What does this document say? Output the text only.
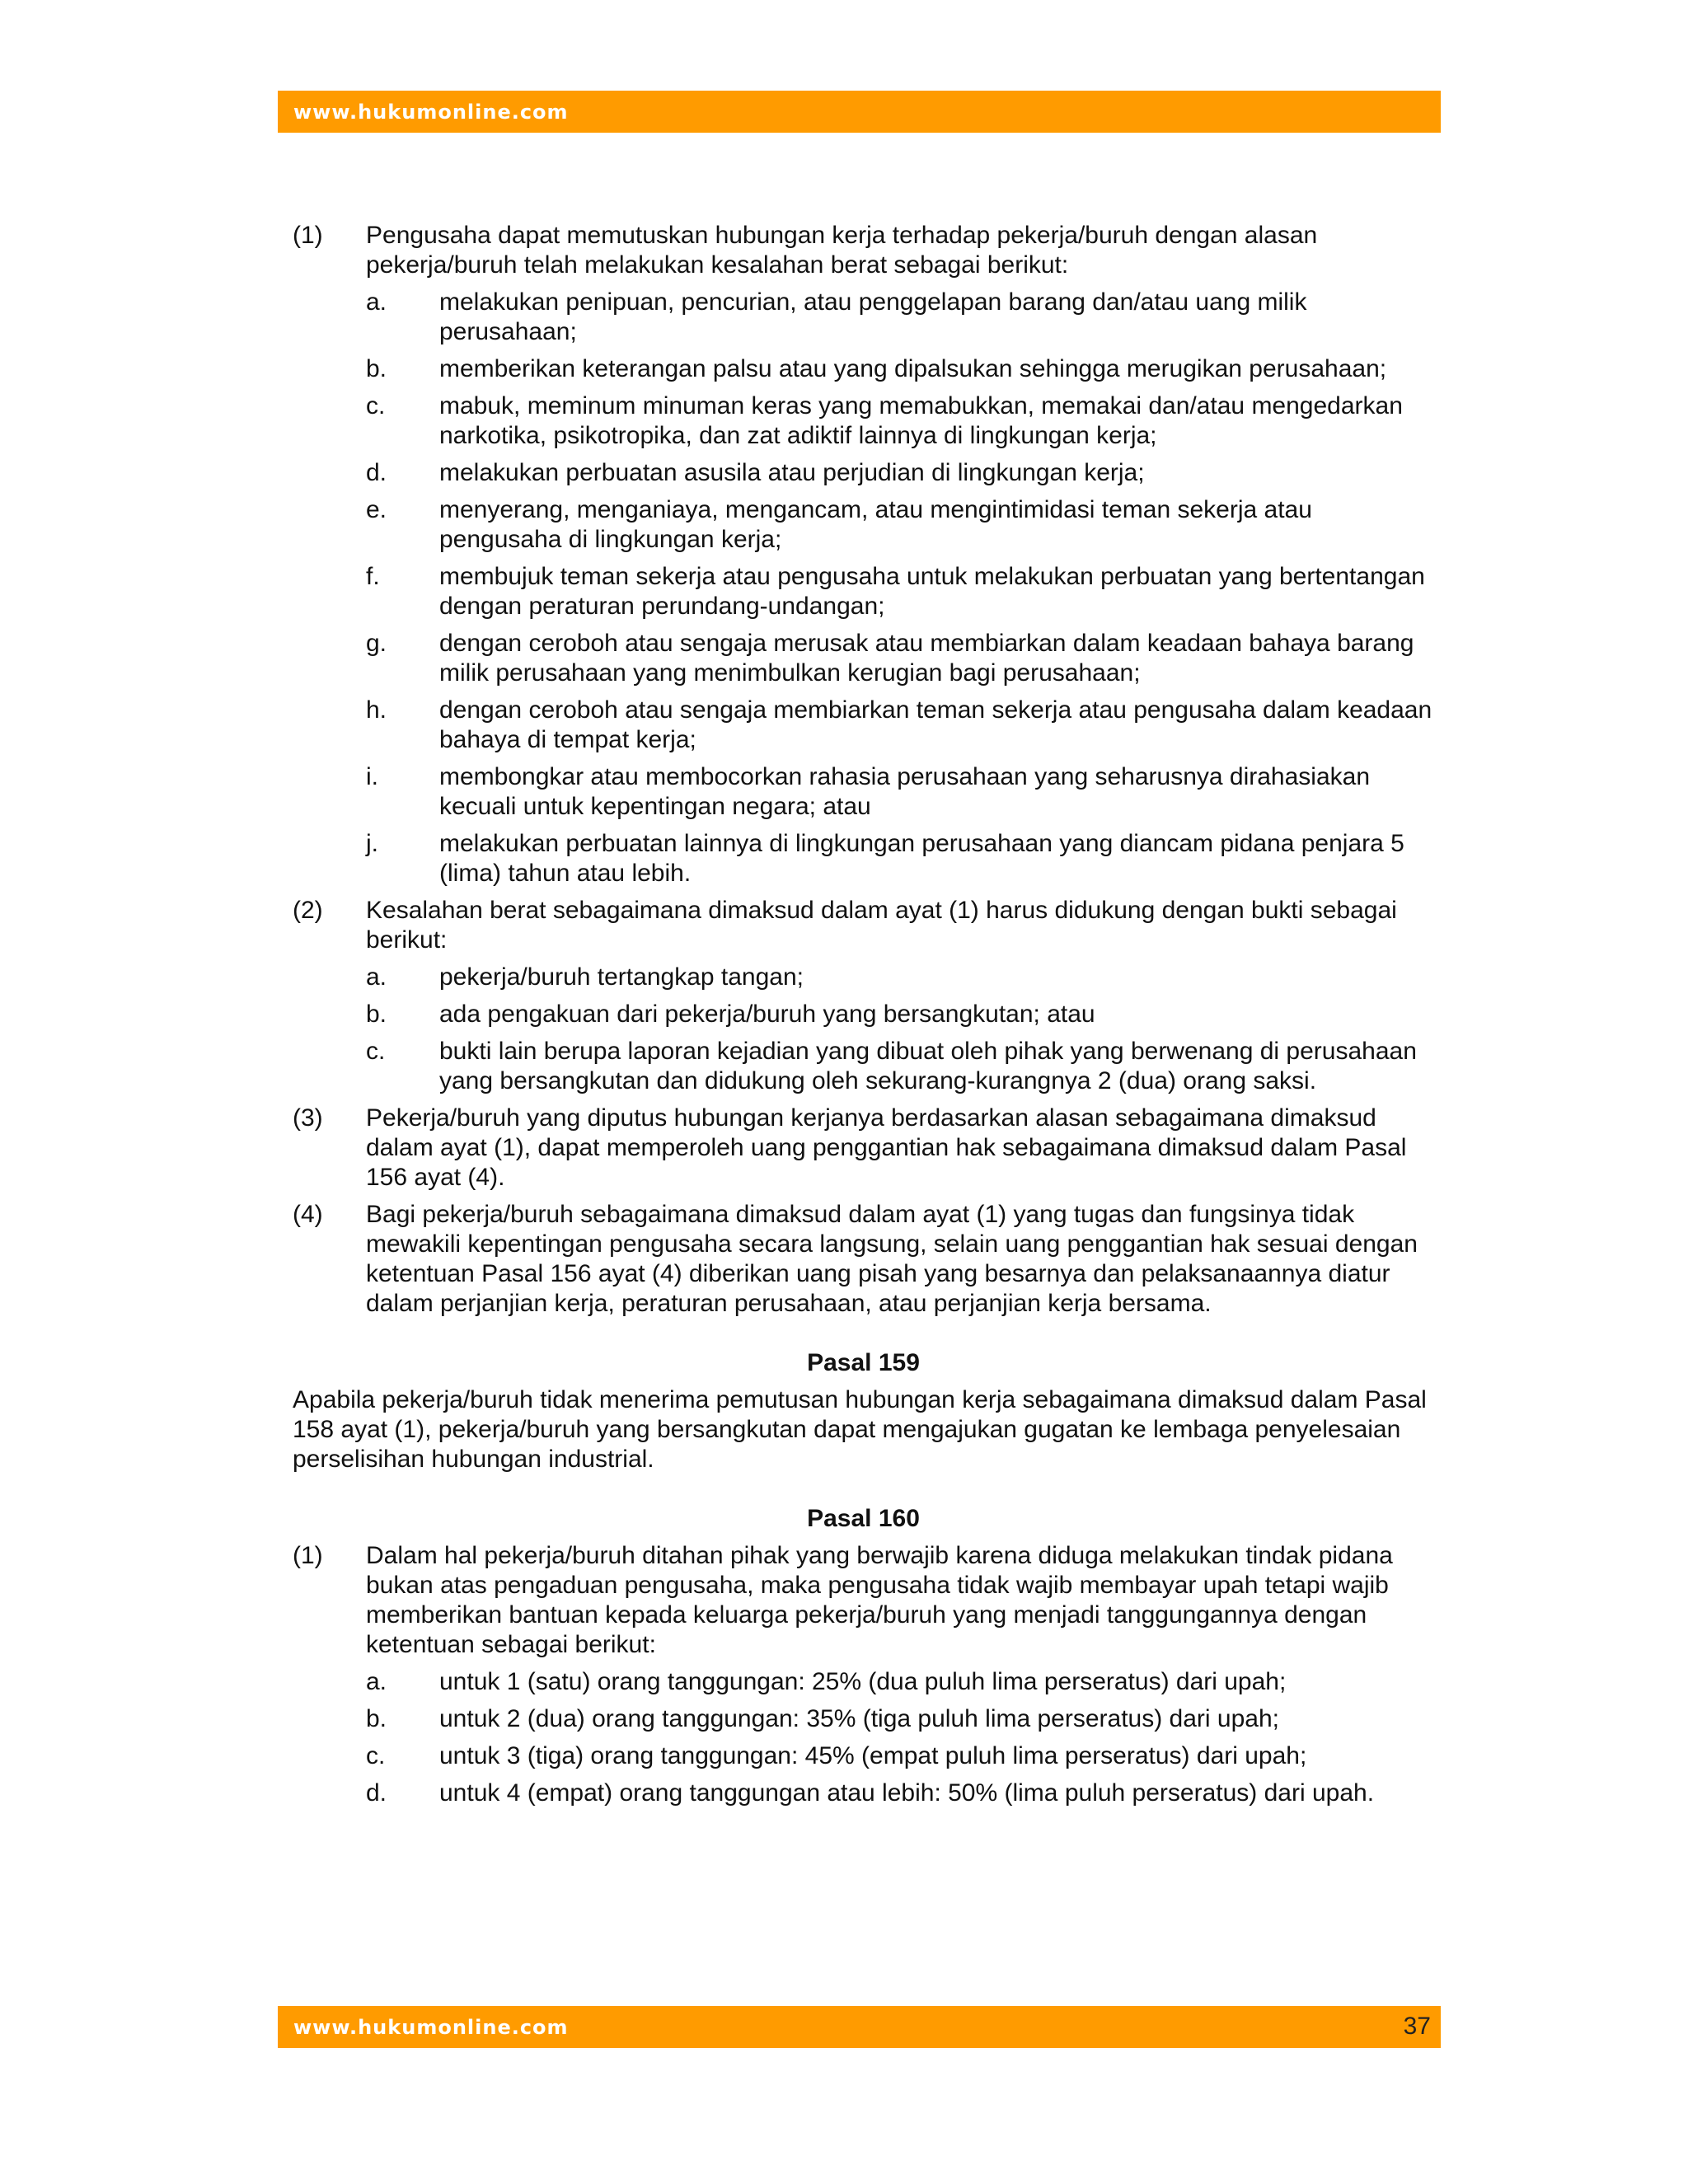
www.hukumonline.com
(1)	Pengusaha dapat memutuskan hubungan kerja terhadap pekerja/buruh dengan alasan pekerja/buruh telah melakukan kesalahan berat sebagai berikut:
a.	melakukan penipuan, pencurian, atau penggelapan barang dan/atau uang milik perusahaan;
b.	memberikan keterangan palsu atau yang dipalsukan sehingga merugikan perusahaan;
c.	mabuk, meminum minuman keras yang memabukkan, memakai dan/atau mengedarkan narkotika, psikotropika, dan zat adiktif lainnya di lingkungan kerja;
d.	melakukan perbuatan asusila atau perjudian di lingkungan kerja;
e.	menyerang, menganiaya, mengancam, atau mengintimidasi teman sekerja atau pengusaha di lingkungan kerja;
f.	membujuk teman sekerja atau pengusaha untuk melakukan perbuatan yang bertentangan dengan peraturan perundang-undangan;
g.	dengan ceroboh atau sengaja merusak atau membiarkan dalam keadaan bahaya barang milik perusahaan yang menimbulkan kerugian bagi perusahaan;
h.	dengan ceroboh atau sengaja membiarkan teman sekerja atau pengusaha dalam keadaan bahaya di tempat kerja;
i.	membongkar atau membocorkan rahasia perusahaan yang seharusnya dirahasiakan kecuali untuk kepentingan negara; atau
j.	melakukan perbuatan lainnya di lingkungan perusahaan yang diancam pidana penjara 5 (lima) tahun atau lebih.
(2)	Kesalahan berat sebagaimana dimaksud dalam ayat (1) harus didukung dengan bukti sebagai berikut:
a.	pekerja/buruh tertangkap tangan;
b.	ada pengakuan dari pekerja/buruh yang bersangkutan; atau
c.	bukti lain berupa laporan kejadian yang dibuat oleh pihak yang berwenang di perusahaan yang bersangkutan dan didukung oleh sekurang-kurangnya 2 (dua) orang saksi.
(3)	Pekerja/buruh yang diputus hubungan kerjanya berdasarkan alasan sebagaimana dimaksud dalam ayat (1), dapat memperoleh uang penggantian hak sebagaimana dimaksud dalam Pasal 156 ayat (4).
(4)	Bagi pekerja/buruh sebagaimana dimaksud dalam ayat (1) yang tugas dan fungsinya tidak mewakili kepentingan pengusaha secara langsung, selain uang penggantian hak sesuai dengan ketentuan Pasal 156 ayat (4) diberikan uang pisah yang besarnya dan pelaksanaannya diatur dalam perjanjian kerja, peraturan perusahaan, atau perjanjian kerja bersama.
Pasal 159
Apabila pekerja/buruh tidak menerima pemutusan hubungan kerja sebagaimana dimaksud dalam Pasal 158 ayat (1), pekerja/buruh yang bersangkutan dapat mengajukan gugatan ke lembaga penyelesaian perselisihan hubungan industrial.
Pasal 160
(1)	Dalam hal pekerja/buruh ditahan pihak yang berwajib karena diduga melakukan tindak pidana bukan atas pengaduan pengusaha, maka pengusaha tidak wajib membayar upah tetapi wajib memberikan bantuan kepada keluarga pekerja/buruh yang menjadi tanggungannya dengan ketentuan sebagai berikut:
a.	untuk 1 (satu) orang tanggungan: 25% (dua puluh lima perseratus) dari upah;
b.	untuk 2 (dua) orang tanggungan: 35% (tiga puluh lima perseratus) dari upah;
c.	untuk 3 (tiga) orang tanggungan: 45% (empat puluh lima perseratus) dari upah;
d.	untuk 4 (empat) orang tanggungan atau lebih: 50% (lima puluh perseratus) dari upah.
www.hukumonline.com	37
